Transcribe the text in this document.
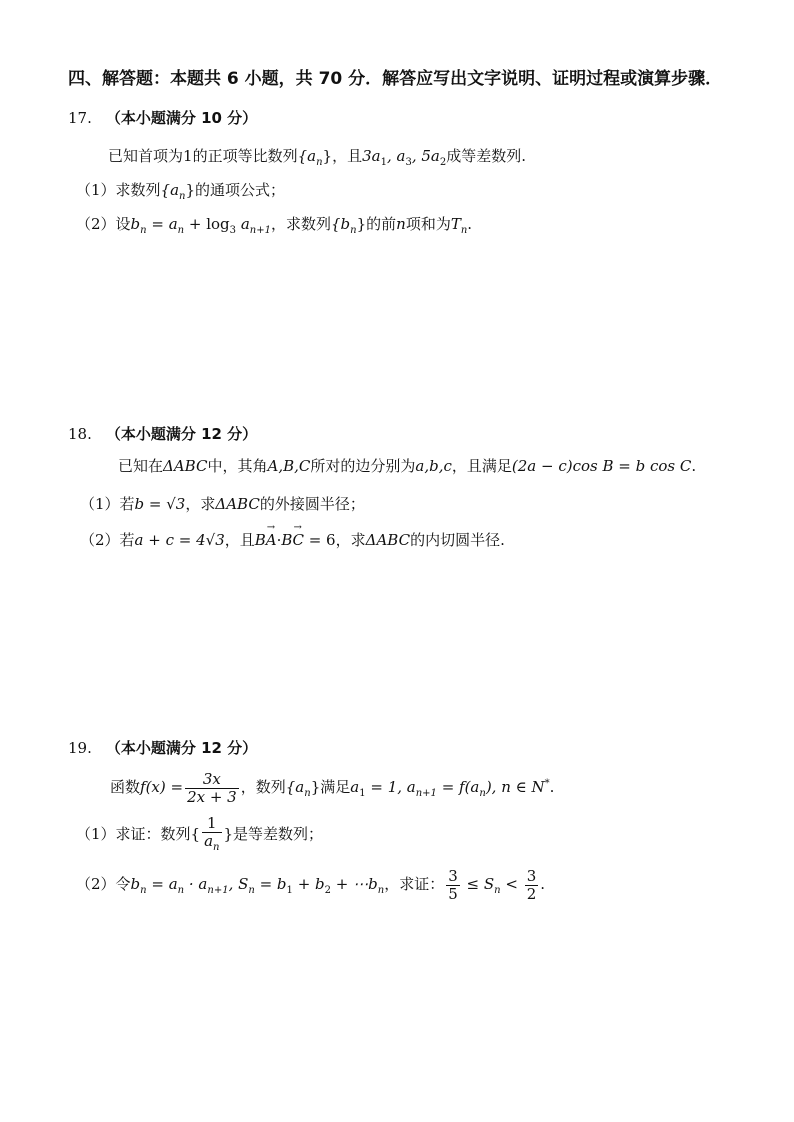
四、解答题：本题共 6 小题，共 70 分．解答应写出文字说明、证明过程或演算步骤．
17. （本小题满分 10 分）
已知首项为1的正项等比数列$\{a_n\}$，且$3a_1$, $a_3$, $5a_2$成等差数列.
（1）求数列$\{a_n\}$的通项公式；
（2）设$b_n = a_n + \log_3 a_{n+1}$，求数列$\{b_n\}$的前n项和为$T_n$.
18. （本小题满分 12 分）
已知在ΔABC中，其角A,B,C所对的边分别为a,b,c，且满足(2a − c)cos B = b cos C.
（1）若b = √3，求ΔABC的外接圆半径；
（2）若a + c = 4√3，且BA →·BC → = 6，求ΔABC的内切圆半径.
19. （本小题满分 12 分）
函数$f(x) = \frac{3x}{2x + 3}$ ，数列$\{a_n\}$满足$a_1 = 1$, $a_{n+1} = f(a_n)$, n ∈ N*.
（1）求证：数列{ $\frac{1}{a_n}$ }是等差数列；
（2）令$b_n = a_n \cdot a_{n+1}$, $S_n = b_1 + b_2$ + $\cdots b_n$，求证： $\frac{3}{5} \le S_n < \frac{3}{2}$ .
